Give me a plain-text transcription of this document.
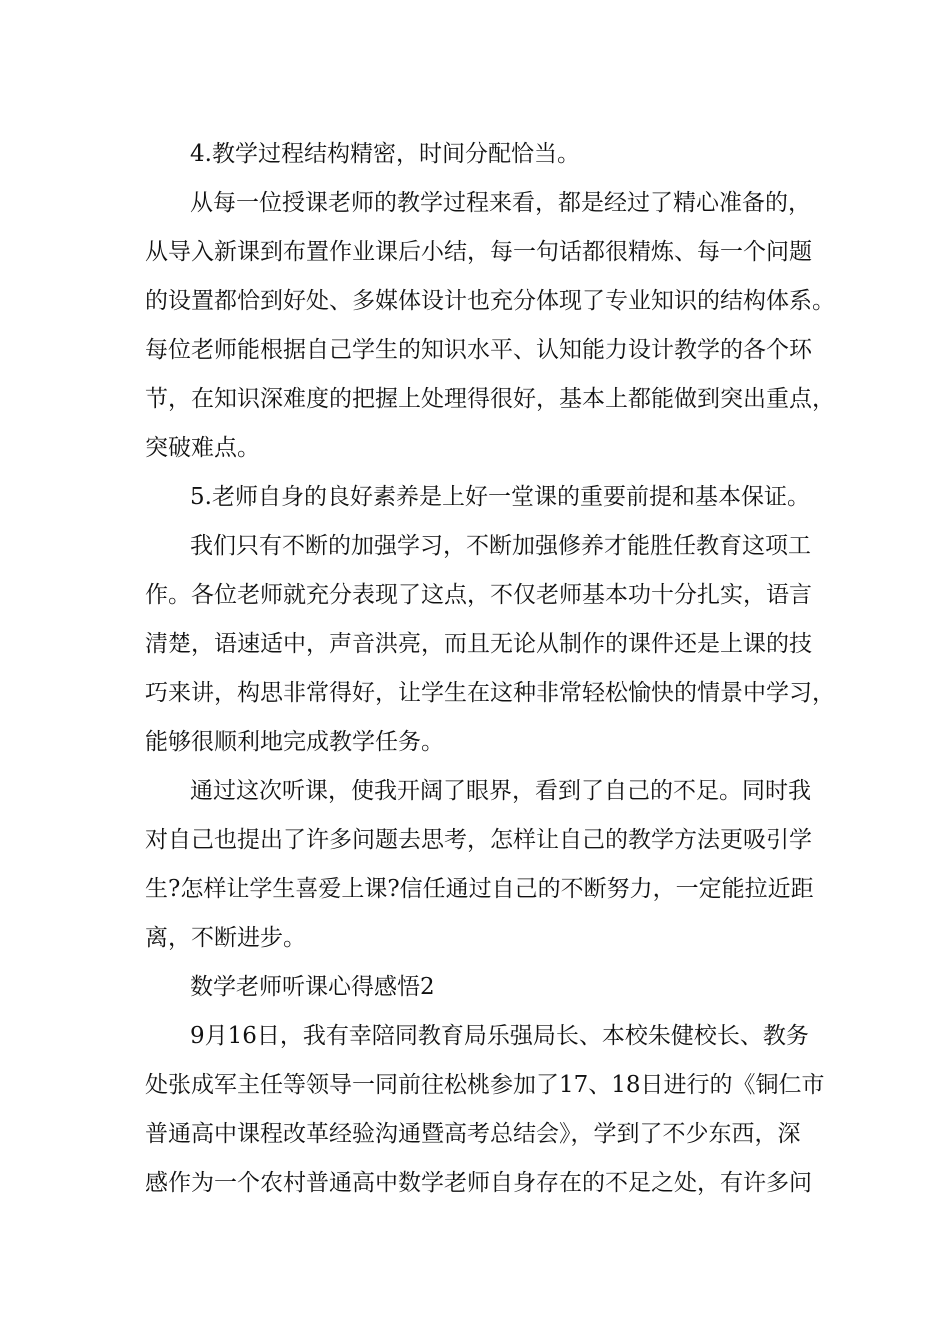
4.教学过程结构精密，时间分配恰当。
从每一位授课老师的教学过程来看，都是经过了精心准备的，
从导入新课到布置作业课后小结，每一句话都很精炼、每一个问题
的设置都恰到好处、多媒体设计也充分体现了专业知识的结构体系。
每位老师能根据自己学生的知识水平、认知能力设计教学的各个环
节，在知识深难度的把握上处理得很好，基本上都能做到突出重点，
突破难点。
5.老师自身的良好素养是上好一堂课的重要前提和基本保证。
我们只有不断的加强学习，不断加强修养才能胜任教育这项工
作。各位老师就充分表现了这点，不仅老师基本功十分扎实，语言
清楚，语速适中，声音洪亮，而且无论从制作的课件还是上课的技
巧来讲，构思非常得好，让学生在这种非常轻松愉快的情景中学习，
能够很顺利地完成教学任务。
通过这次听课，使我开阔了眼界，看到了自己的不足。同时我
对自己也提出了许多问题去思考，怎样让自己的教学方法更吸引学
生?怎样让学生喜爱上课?信任通过自己的不断努力，一定能拉近距
离，不断进步。
数学老师听课心得感悟2
9月16日，我有幸陪同教育局乐强局长、本校朱健校长、教务
处张成军主任等领导一同前往松桃参加了17、18日进行的《铜仁市
普通高中课程改革经验沟通暨高考总结会》，学到了不少东西，深
感作为一个农村普通高中数学老师自身存在的不足之处，有许多问
